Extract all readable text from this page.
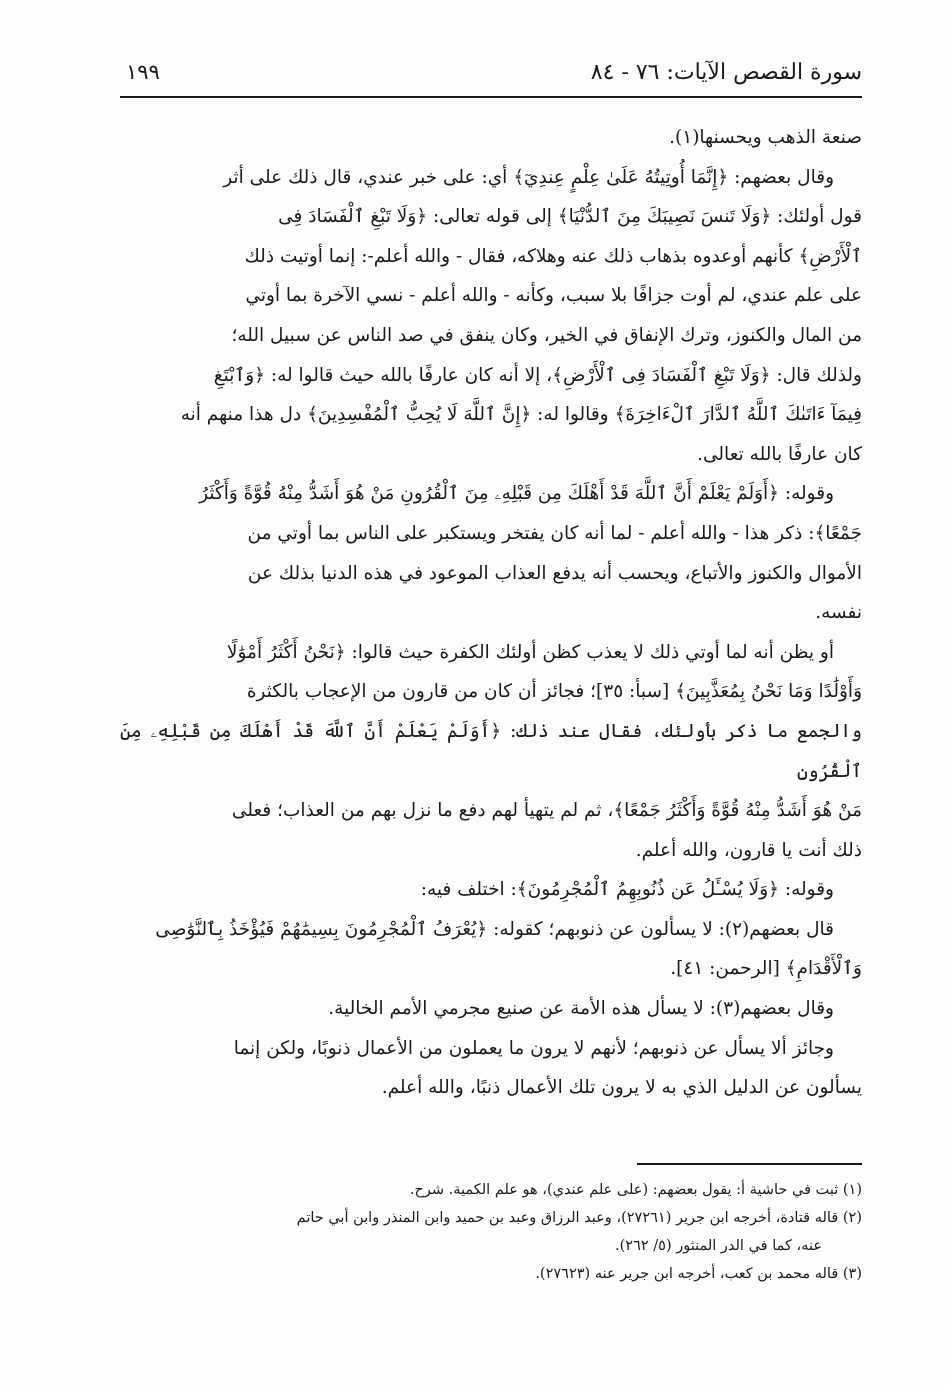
سورة القصص الآيات: ٧٦ - ٨٤
١٩٩

صنعة الذهب ويحسنها(١).

وقال بعضهم: ﴿إِنَّمَا أُوتِيتُهُ عَلَىٰ عِلْمٍ عِندِيٓ﴾ أي: على خبر عندي، قال ذلك على أثر

قول أولئك: ﴿وَلَا تَنسَ نَصِيبَكَ مِنَ ٱلدُّنْيَا﴾ إلى قوله تعالى: ﴿وَلَا تَبْغِ ٱلْفَسَادَ فِى

ٱلْأَرْضِ﴾ كأنهم أوعدوه بذهاب ذلك عنه وهلاكه، فقال - والله أعلم-: إنما أوتيت ذلك

على علم عندي، لم أوت جزافًا بلا سبب، وكأنه - والله أعلم - نسي الآخرة بما أوتي

من المال والكنوز، وترك الإنفاق في الخير، وكان ينفق في صد الناس عن سبيل الله؛

ولذلك قال: ﴿وَلَا تَبْغِ ٱلْفَسَادَ فِى ٱلْأَرْضِ﴾، إلا أنه كان عارفًا بالله حيث قالوا له: ﴿وَٱبْتَغِ

فِيمَآ ءَاتَىٰكَ ٱللَّهُ ٱلدَّارَ ٱلْءَاخِرَةَ﴾ وقالوا له: ﴿إِنَّ ٱللَّهَ لَا يُحِبُّ ٱلْمُفْسِدِينَ﴾ دل هذا منهم أنه

كان عارفًا بالله تعالى.

وقوله: ﴿أَوَلَمْ يَعْلَمْ أَنَّ ٱللَّهَ قَدْ أَهْلَكَ مِن قَبْلِهِۦ مِنَ ٱلْقُرُونِ مَنْ هُوَ أَشَدُّ مِنْهُ قُوَّةً وَأَكْثَرُ

جَمْعًا﴾: ذكر هذا - والله أعلم - لما أنه كان يفتخر ويستكبر على الناس بما أوتي من

الأموال والكنوز والأتباع، ويحسب أنه يدفع العذاب الموعود في هذه الدنيا بذلك عن

نفسه.

أو يظن أنه لما أوتي ذلك لا يعذب كظن أولئك الكفرة حيث قالوا: ﴿نَحْنُ أَكْثَرُ أَمْوَٰلًا

وَأَوْلَٰدًا وَمَا نَحْنُ بِمُعَذَّبِينَ﴾ [سبأ: ٣٥]؛ فجائز أن كان من قارون من الإعجاب بالكثرة

والجمع ما ذكر بأولئك، فقال عند ذلك: ﴿أَوَلَمْ يَعْلَمْ أَنَّ ٱللَّهَ قَدْ أَهْلَكَ مِن قَبْلِهِۦ مِنَ ٱلْقُرُونِ

مَنْ هُوَ أَشَدُّ مِنْهُ قُوَّةً وَأَكْثَرُ جَمْعًا﴾، ثم لم يتهيأ لهم دفع ما نزل بهم من العذاب؛ فعلى

ذلك أنت يا قارون، والله أعلم.

وقوله: ﴿وَلَا يُسْـَٔلُ عَن ذُنُوبِهِمُ ٱلْمُجْرِمُونَ﴾: اختلف فيه:

قال بعضهم(٢): لا يسألون عن ذنوبهم؛ كقوله: ﴿يُعْرَفُ ٱلْمُجْرِمُونَ بِسِيمَٰهُمْ فَيُؤْخَذُ بِٱلنَّوَٰصِى

وَٱلْأَقْدَامِ﴾ [الرحمن: ٤١].

وقال بعضهم(٣): لا يسأل هذه الأمة عن صنيع مجرمي الأمم الخالية.

وجائز ألا يسأل عن ذنوبهم؛ لأنهم لا يرون ما يعملون من الأعمال ذنوبًا، ولكن إنما

يسألون عن الدليل الذي به لا يرون تلك الأعمال ذنبًا، والله أعلم.

(١) ثبت في حاشية أ: يقول بعضهم: (على علم عندي)، هو علم الكمية. شرح.
(٢) قاله قتادة، أخرجه ابن جرير (٢٧٢٦١)، وعبد الرزاق وعبد بن حميد وابن المنذر وابن أبي حاتم
عنه، كما في الدر المنثور (٥/ ٢٦٢).
(٣) قاله محمد بن كعب، أخرجه ابن جرير عنه (٢٧٦٢٣).
